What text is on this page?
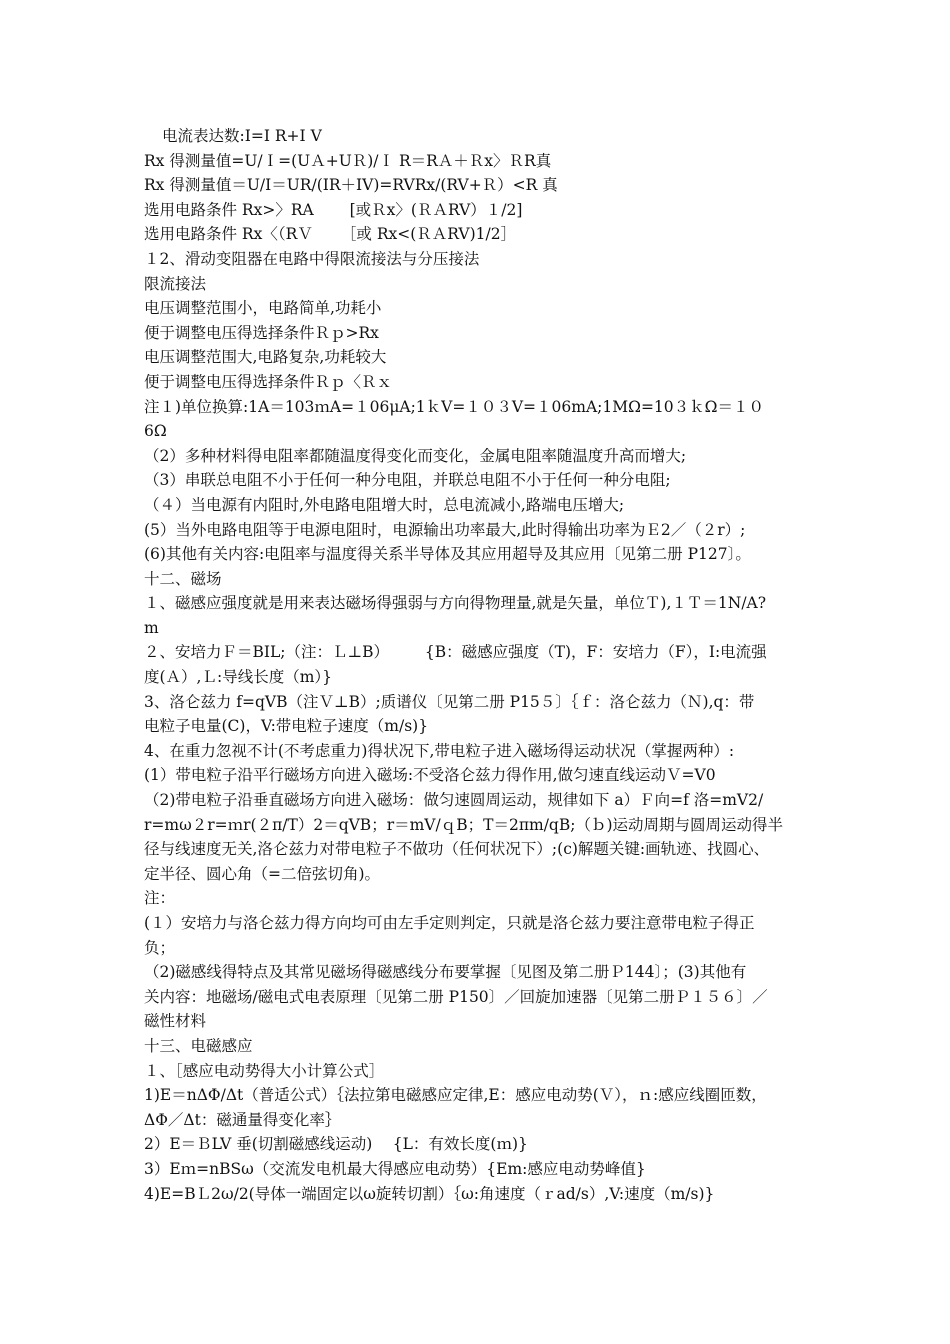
电流表达数:I=I R+I V
Rx 得测量值=U/Ｉ=(UＡ+UＲ)/Ｉ R＝RＡ＋Ｒx〉ＲR真
Rx 得测量值＝U/I＝UR/(IR＋IV)=RVRx/(RV+Ｒ）<R 真
选用电路条件 Rx>〉RA 　　[或Ｒx〉(ＲＡRV）１/2]
选用电路条件 Rx〈（RＶ 　　［或 Rx<(ＲＡRV)1/2］
１2、滑动变阻器在电路中得限流接法与分压接法
限流接法
电压调整范围小，电路简单,功耗小
便于调整电压得选择条件Ｒｐ>Rx
电压调整范围大,电路复杂,功耗较大
便于调整电压得选择条件Ｒｐ〈Ｒｘ
注１)单位换算:1A＝103ｍA=１06μA;1ｋV=１０３V=１06mA;1MΩ=10３ｋΩ＝１０
6Ω
（2）多种材料得电阻率都随温度得变化而变化，金属电阻率随温度升高而增大;
（3）串联总电阻不小于任何一种分电阻，并联总电阻不小于任何一种分电阻;
（４）当电源有内阻时,外电路电阻增大时，总电流减小,路端电压增大;
(5）当外电路电阻等于电源电阻时，电源输出功率最大,此时得输出功率为Ｅ2／（２r）;
(6)其他有关内容:电阻率与温度得关系半导体及其应用超导及其应用〔见第二册 P127〕。
十二、磁场
１、磁感应强度就是用来表达磁场得强弱与方向得物理量,就是矢量，单位Ｔ),１Ｔ＝1N/A?
m
２、安培力Ｆ＝BIL;（注：Ｌ⊥B） 　　{B：磁感应强度（T)，F：安培力（F），I:电流强
度(Ａ）,Ｌ:导线长度（m）}
3、洛仑兹力 f=qVB（注Ｖ⊥B）;质谱仪〔见第二册 P15５〕｛ｆ：洛仑兹力（Ｎ),q：带
电粒子电量(C)，V:带电粒子速度（m/s)}
4、在重力忽视不计(不考虑重力)得状况下,带电粒子进入磁场得运动状况（掌握两种）:
(1）带电粒子沿平行磁场方向进入磁场:不受洛仑兹力得作用,做匀速直线运动Ｖ=V0
（2)带电粒子沿垂直磁场方向进入磁场：做匀速圆周运动，规律如下 a）Ｆ向=f 洛=mV2/
r=mω２r=ｍr(２π/T）2＝qVB；r＝mV/ｑB；T＝2πm/qB;（ｂ)运动周期与圆周运动得半
径与线速度无关,洛仑兹力对带电粒子不做功（任何状况下）;(c)解题关键:画轨迹、找圆心、
定半径、圆心角（=二倍弦切角)。
注：
(１）安培力与洛仑兹力得方向均可由左手定则判定，只就是洛仑兹力要注意带电粒子得正
负；
（2)磁感线得特点及其常见磁场得磁感线分布要掌握〔见图及第二册Ｐ144〕；(3)其他有
关内容：地磁场/磁电式电表原理〔见第二册 P150〕／回旋加速器〔见第二册Ｐ１５６〕／
磁性材料
十三、电磁感应
１、［感应电动势得大小计算公式］
1)E＝nΔΦ/Δt（普适公式）｛法拉第电磁感应定律,E：感应电动势(Ｖ），ｎ:感应线圈匝数，
ΔΦ／Δt：磁通量得变化率｝
2）E＝ＢLV 垂(切割磁感线运动) 　{L：有效长度(ｍ)}
3）Eｍ=nBSω（交流发电机最大得感应电动势）{Em:感应电动势峰值}
4)E=BＬ2ω/2(导体一端固定以ω旋转切割）｛ω:角速度（ｒad/s）,V:速度（m/s)}
